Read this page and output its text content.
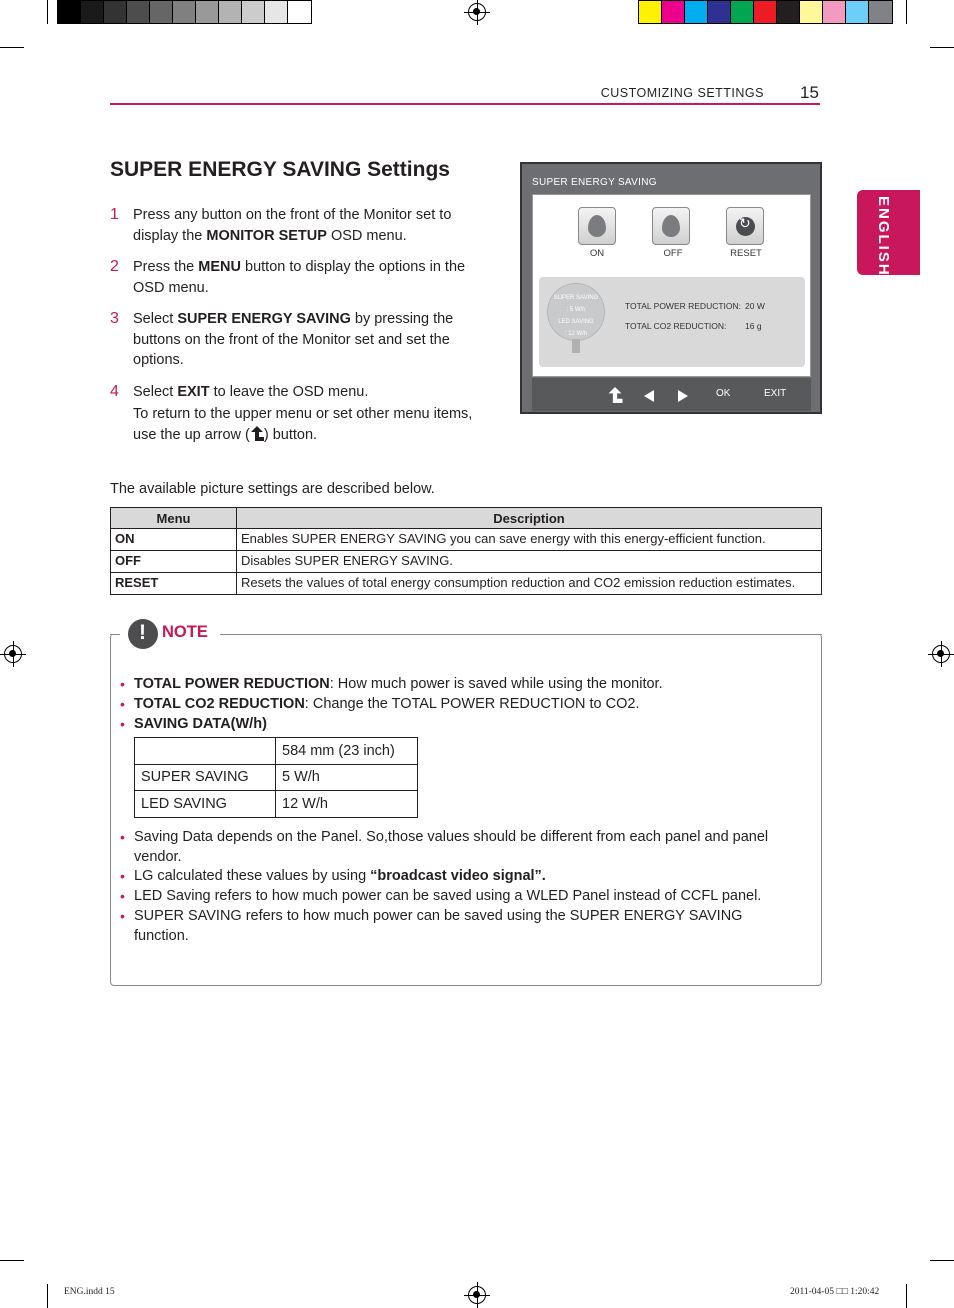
CUSTOMIZING SETTINGS 15
ENGLISH
SUPER ENERGY SAVING Settings
1 Press any button on the front of the Monitor set to display the MONITOR SETUP OSD menu.
2 Press the MENU button to display the options in the OSD menu.
3 Select SUPER ENERGY SAVING by pressing the buttons on the front of the Monitor set and set the options.
4 Select EXIT to leave the OSD menu.
To return to the upper menu or set other menu items, use the up arrow ( ) button.
SUPER ENERGY SAVING
ON	OFF
↻	RESET
SUPER SAVING
: 5 W/h
LED SAVING
: 12 W/h
TOTAL POWER REDUCTION: 20 W
TOTAL CO2 REDUCTION: 16 g
OK	EXIT
The available picture settings are described below.
Menu	Description
ON	Enables SUPER ENERGY SAVING you can save energy with this energy-efficient function.
OFF	Disables SUPER ENERGY SAVING.
RESET	Resets the values of total energy consumption reduction and CO2 emission reduction estimates.
!
NOTE
• TOTAL POWER REDUCTION: How much power is saved while using the monitor.
• TOTAL CO2 REDUCTION: Change the TOTAL POWER REDUCTION to CO2.
• SAVING DATA(W/h)
	584 mm (23 inch)
SUPER SAVING	5 W/h
LED SAVING	12 W/h
• Saving Data depends on the Panel. So,those values should be different from each panel and panel vendor.
• LG calculated these values by using “broadcast video signal”.
• LED Saving refers to how much power can be saved using a WLED Panel instead of CCFL panel.
• SUPER SAVING refers to how much power can be saved using the SUPER ENERGY SAVING function.
ENG.indd 15	2011-04-05 □□ 1:20:42
